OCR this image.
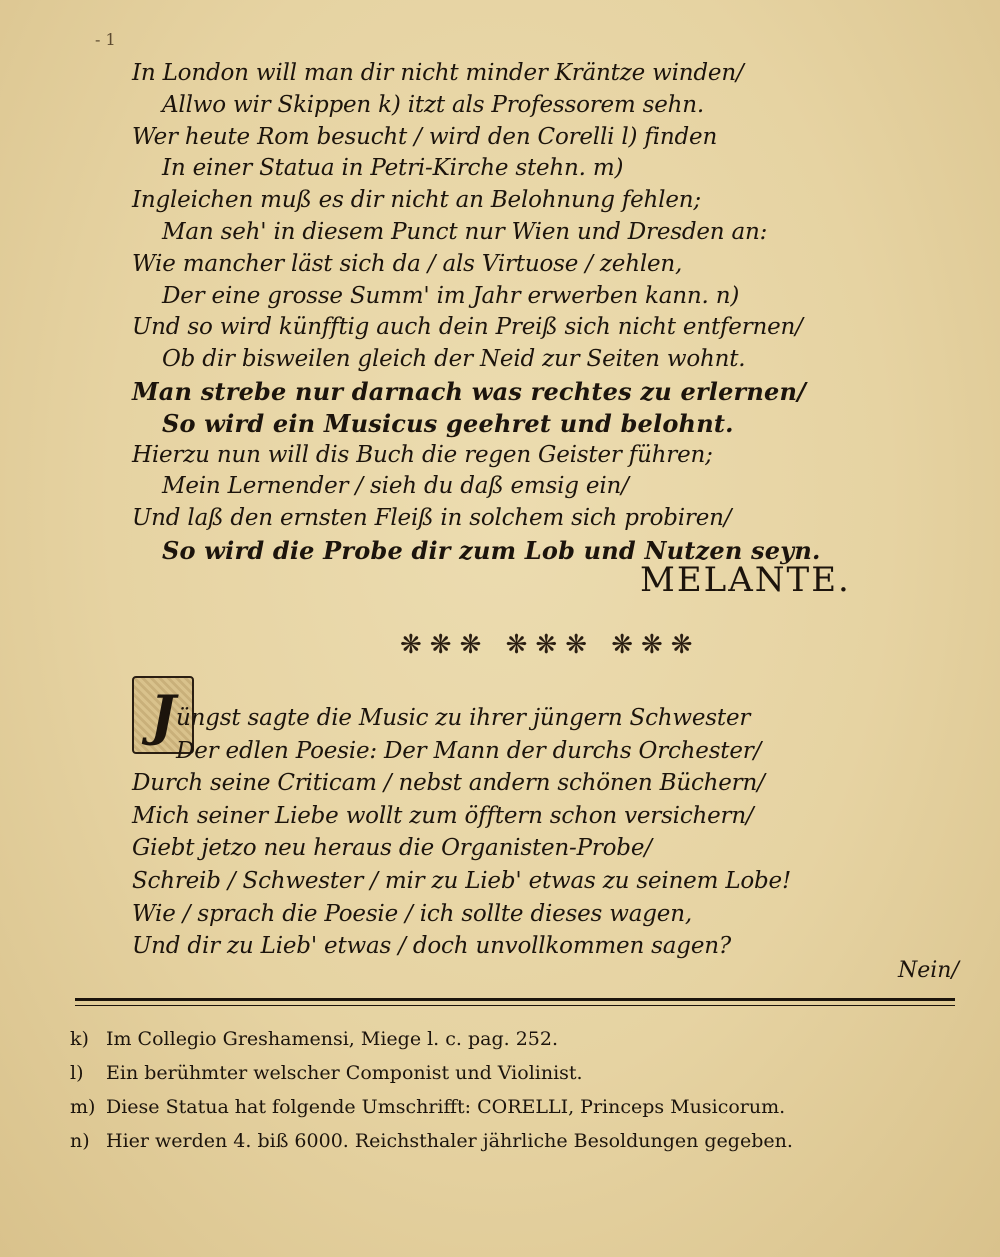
- 1
In London will man dir nicht minder Kräntze winden/
Allwo wir Skippen k) itzt als Professorem sehn.
Wer heute Rom besucht / wird den Corelli l) finden
In einer Statua in Petri-Kirche stehn. m)
Ingleichen muß es dir nicht an Belohnung fehlen;
Man seh' in diesem Punct nur Wien und Dresden an:
Wie mancher läst sich da / als Virtuose / zehlen,
Der eine grosse Summ' im Jahr erwerben kann. n)
Und so wird künfftig auch dein Preiß sich nicht entfernen/
Ob dir bisweilen gleich der Neid zur Seiten wohnt.
Man strebe nur darnach was rechtes zu erlernen/
So wird ein Musicus geehret und belohnt.
Hierzu nun will dis Buch die regen Geister führen;
Mein Lernender / sieh du daß emsig ein/
Und laß den ernsten Fleiß in solchem sich probiren/
So wird die Probe dir zum Lob und Nutzen seyn.
MELANTE.
❋❋❋ ❋❋❋ ❋❋❋
J üngst sagte die Music zu ihrer jüngern Schwester
Der edlen Poesie: Der Mann der durchs Orchester/
Durch seine Criticam / nebst andern schönen Büchern/
Mich seiner Liebe wollt zum öfftern schon versichern/
Giebt jetzo neu heraus die Organisten-Probe/
Schreib / Schwester / mir zu Lieb' etwas zu seinem Lobe!
Wie / sprach die Poesie / ich sollte dieses wagen,
Und dir zu Lieb' etwas / doch unvollkommen sagen?
Nein/
k) Im Collegio Greshamensi, Miege l. c. pag. 252.
l) Ein berühmter welscher Componist und Violinist.
m) Diese Statua hat folgende Umschrifft: CORELLI, Princeps Musicorum.
n) Hier werden 4. biß 6000. Reichsthaler jährliche Besoldungen gegeben.
